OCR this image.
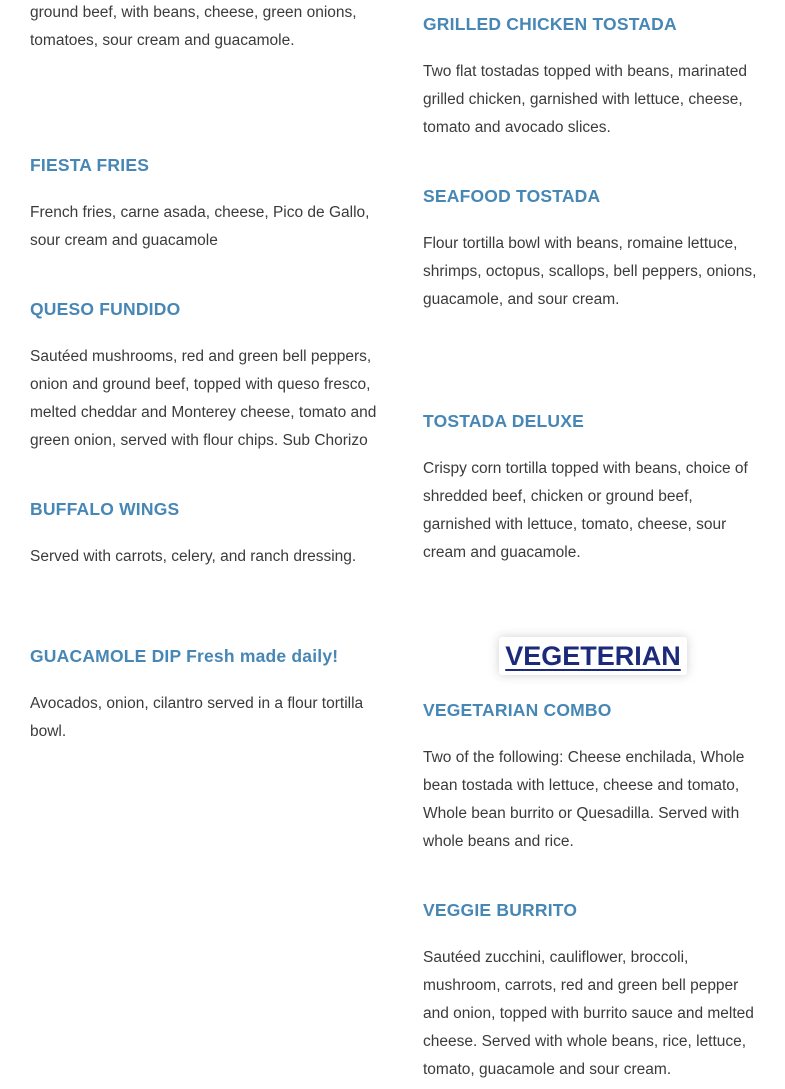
ground beef, with beans, cheese, green onions, tomatoes, sour cream and guacamole.

FIESTA FRIES

French fries, carne asada, cheese, Pico de Gallo, sour cream and guacamole

QUESO FUNDIDO

Sautéed mushrooms, red and green bell peppers, onion and ground beef, topped with queso fresco, melted cheddar and Monterey cheese, tomato and green onion, served with flour chips. Sub Chorizo

BUFFALO WINGS

Served with carrots, celery, and ranch dressing.

GUACAMOLE DIP Fresh made daily!

Avocados, onion, cilantro served in a flour tortilla bowl.

GRILLED CHICKEN TOSTADA

Two flat tostadas topped with beans, marinated grilled chicken, garnished with lettuce, cheese, tomato and avocado slices.

SEAFOOD TOSTADA

Flour tortilla bowl with beans, romaine lettuce, shrimps, octopus, scallops, bell peppers, onions, guacamole, and sour cream.

TOSTADA DELUXE

Crispy corn tortilla topped with beans, choice of shredded beef, chicken or ground beef, garnished with lettuce, tomato, cheese, sour cream and guacamole.

VEGETERIAN
VEGETARIAN COMBO

Two of the following: Cheese enchilada, Whole bean tostada with lettuce, cheese and tomato, Whole bean burrito or Quesadilla. Served with whole beans and rice.

VEGGIE BURRITO

Sautéed zucchini, cauliflower, broccoli, mushroom, carrots, red and green bell pepper and onion, topped with burrito sauce and melted cheese. Served with whole beans, rice, lettuce, tomato, guacamole and sour cream.
